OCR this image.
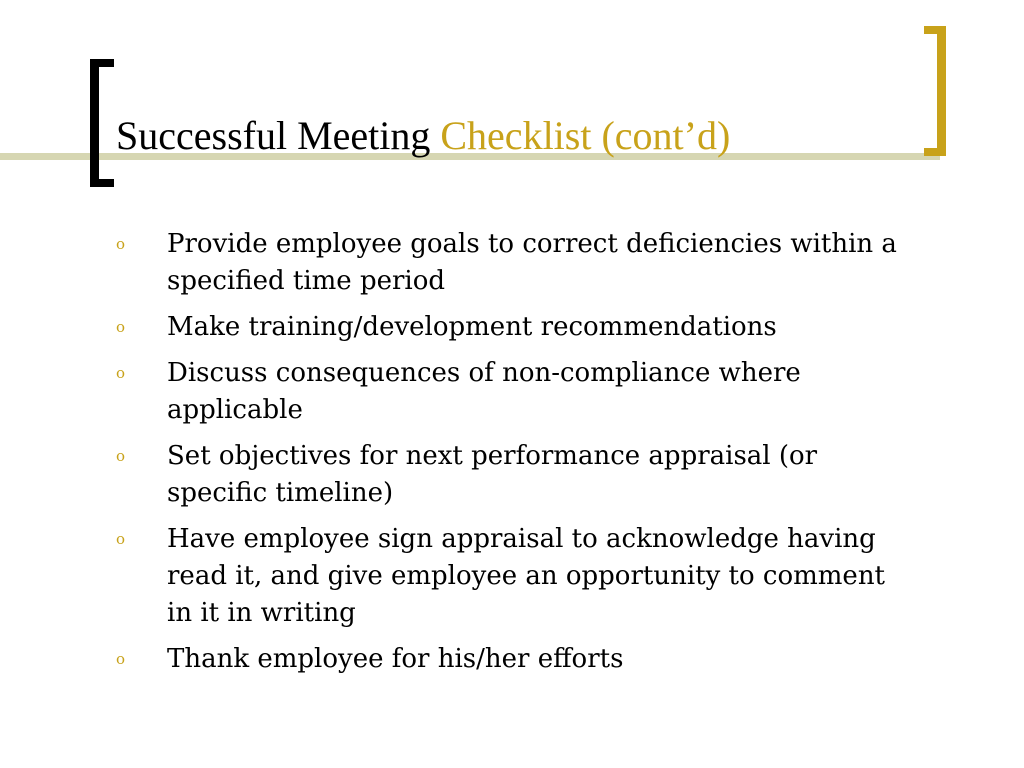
Successful Meeting Checklist (cont’d)
o Provide employee goals to correct deficiencies within a specified time period
o Make training/development recommendations
o Discuss consequences of non-compliance where applicable
o Set objectives for next performance appraisal (or specific timeline)
o Have employee sign appraisal to acknowledge having read it, and give employee an opportunity to comment in it in writing
o Thank employee for his/her efforts
